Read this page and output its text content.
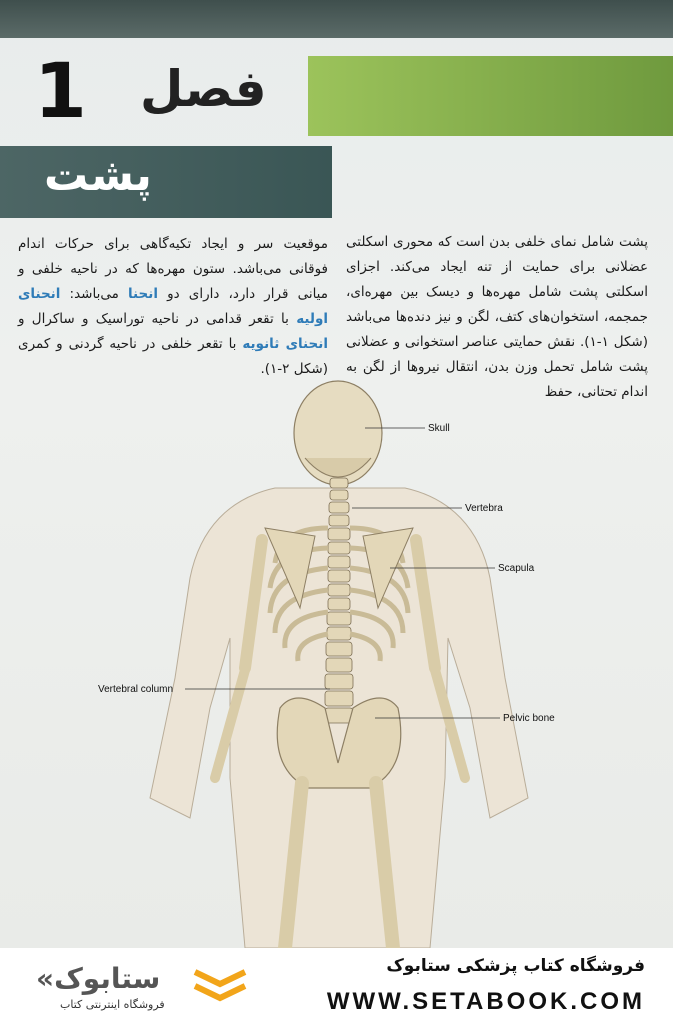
فصل
1
پشت
پشت شامل نمای خلفی بدن است که محوری اسکلتی عضلانی برای حمایت از تنه ایجاد می‌کند. اجزای اسکلتی پشت شامل مهره‌ها و دیسک بین مهره‌ای، جمجمه، استخوان‌های کتف، لگن و نیز دنده‌ها می‌باشد (شکل ۱-۱). نقش حمایتی عناصر استخوانی و عضلانی پشت شامل تحمل وزن بدن، انتقال نیروها از لگن به اندام تحتانی، حفظ
موقعیت سر و ایجاد تکیه‌گاهی برای حرکات اندام فوقانی می‌باشد. ستون مهره‌ها که در ناحیه خلفی و میانی قرار دارد، دارای دو انحنا می‌باشد: انحنای اولیه با تقعر قدامی در ناحیه توراسیک و ساکرال و انحنای ثانویه با تقعر خلفی در ناحیه گردنی و کمری (شکل ۲-۱).
Skull
Vertebra
Scapula
Vertebral column
Pelvic bone
«ستابوک
فروشگاه اینترنتی کتاب
فروشگاه کتاب پزشکی ستابوک
WWW.SETABOOK.COM
